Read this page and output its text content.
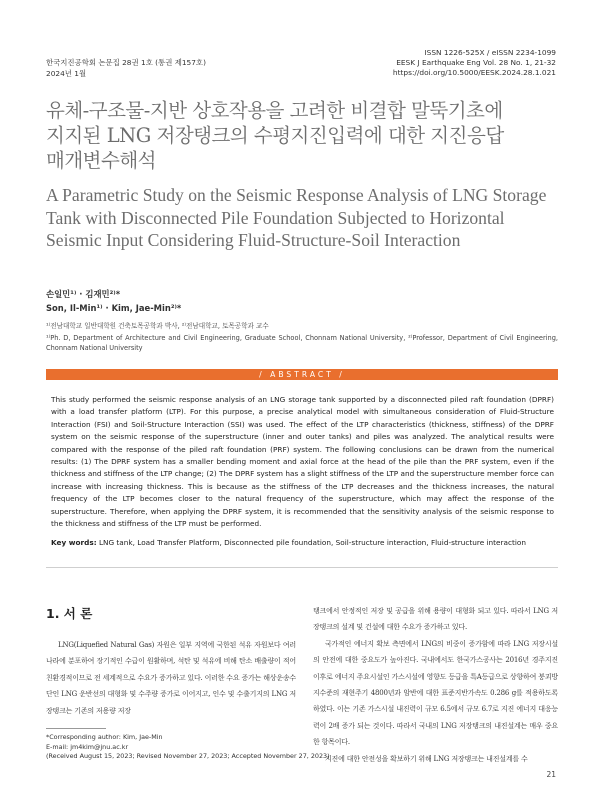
한국지진공학회 논문집 28권 1호 (통권 제157호)
2024년 1월
ISSN 1226-525X / eISSN 2234-1099
EESK J Earthquake Eng Vol. 28 No. 1, 21-32
https://doi.org/10.5000/EESK.2024.28.1.021
유체-구조물-지반 상호작용을 고려한 비결합 말뚝기초에
지지된 LNG 저장탱크의 수평지진입력에 대한 지진응답
매개변수해석
A Parametric Study on the Seismic Response Analysis of LNG Storage
Tank with Disconnected Pile Foundation Subjected to Horizontal
Seismic Input Considering Fluid-Structure-Soil Interaction
손일민¹⁾ · 김재민²⁾*
Son, Il-Min¹⁾ · Kim, Jae-Min²⁾*
¹⁾전남대학교 일반대학원 건축토목공학과 박사, ²⁾전남대학교, 토목공학과 교수
¹⁾Ph. D, Department of Architecture and Civil Engineering, Graduate School, Chonnam National University, ²⁾Professor, Department of Civil Engineering, Chonnam National University
/ ABSTRACT /
This study performed the seismic response analysis of an LNG storage tank supported by a disconnected piled raft foundation (DPRF) with a load transfer platform (LTP). For this purpose, a precise analytical model with simultaneous consideration of Fluid-Structure Interaction (FSI) and Soil-Structure Interaction (SSI) was used. The effect of the LTP characteristics (thickness, stiffness) of the DPRF system on the seismic response of the superstructure (inner and outer tanks) and piles was analyzed. The analytical results were compared with the response of the piled raft foundation (PRF) system. The following conclusions can be drawn from the numerical results: (1) The DPRF system has a smaller bending moment and axial force at the head of the pile than the PRF system, even if the thickness and stiffness of the LTP change; (2) The DPRF system has a slight stiffness of the LTP and the superstructure member force can increase with increasing thickness. This is because as the stiffness of the LTP decreases and the thickness increases, the natural frequency of the LTP becomes closer to the natural frequency of the superstructure, which may affect the response of the superstructure. Therefore, when applying the DPRF system, it is recommended that the sensitivity analysis of the seismic response to the thickness and stiffness of the LTP must be performed.
Key words: LNG tank, Load Transfer Platform, Disconnected pile foundation, Soil-structure interaction, Fluid-structure interaction
1. 서 론
LNG(Liquefied Natural Gas) 자원은 일부 지역에 국한된 석유 자원보다 여러 나라에 분포하여 장기적인 수급이 원활하며, 석탄 및 석유에 비해 탄소 배출량이 적어 친환경적이므로 전 세계적으로 수요가 증가하고 있다. 이러한 수요 증가는 해상운송수단인 LNG 운반선의 대형화 및 수주량 증가로 이어지고, 인수 및 수출기지의 LNG 저장탱크는 기존의 저용량 저장
탱크에서 안정적인 저장 및 공급을 위해 용량이 대형화 되고 있다. 따라서 LNG 저장탱크의 설계 및 건설에 대한 수요가 증가하고 있다.
국가적인 에너지 확보 측면에서 LNG의 비중이 증가함에 따라 LNG 저장시설의 안전에 대한 중요도가 높아진다. 국내에서도 한국가스공사는 2016년 경주지진 이후로 에너지 주요시설인 가스시설에 영향도 등급을 특A등급으로 상향하여 붕괴방지수준의 재현주기 4800년과 암반에 대한 표준지반가속도 0.286 g를 적용하도록 하였다. 이는 기존 가스시설 내진력이 규모 6.5에서 규모 6.7로 지진 에너지 대응능력이 2배 증가 되는 것이다. 따라서 국내의 LNG 저장탱크의 내진설계는 매우 중요한 항목이다.
지진에 대한 안전성을 확보하기 위해 LNG 저장탱크는 내진설계를 수
*Corresponding author: Kim, Jae-Min
E-mail: jm4kim@jnu.ac.kr
(Received August 15, 2023; Revised November 27, 2023; Accepted November 27, 2023)
21
